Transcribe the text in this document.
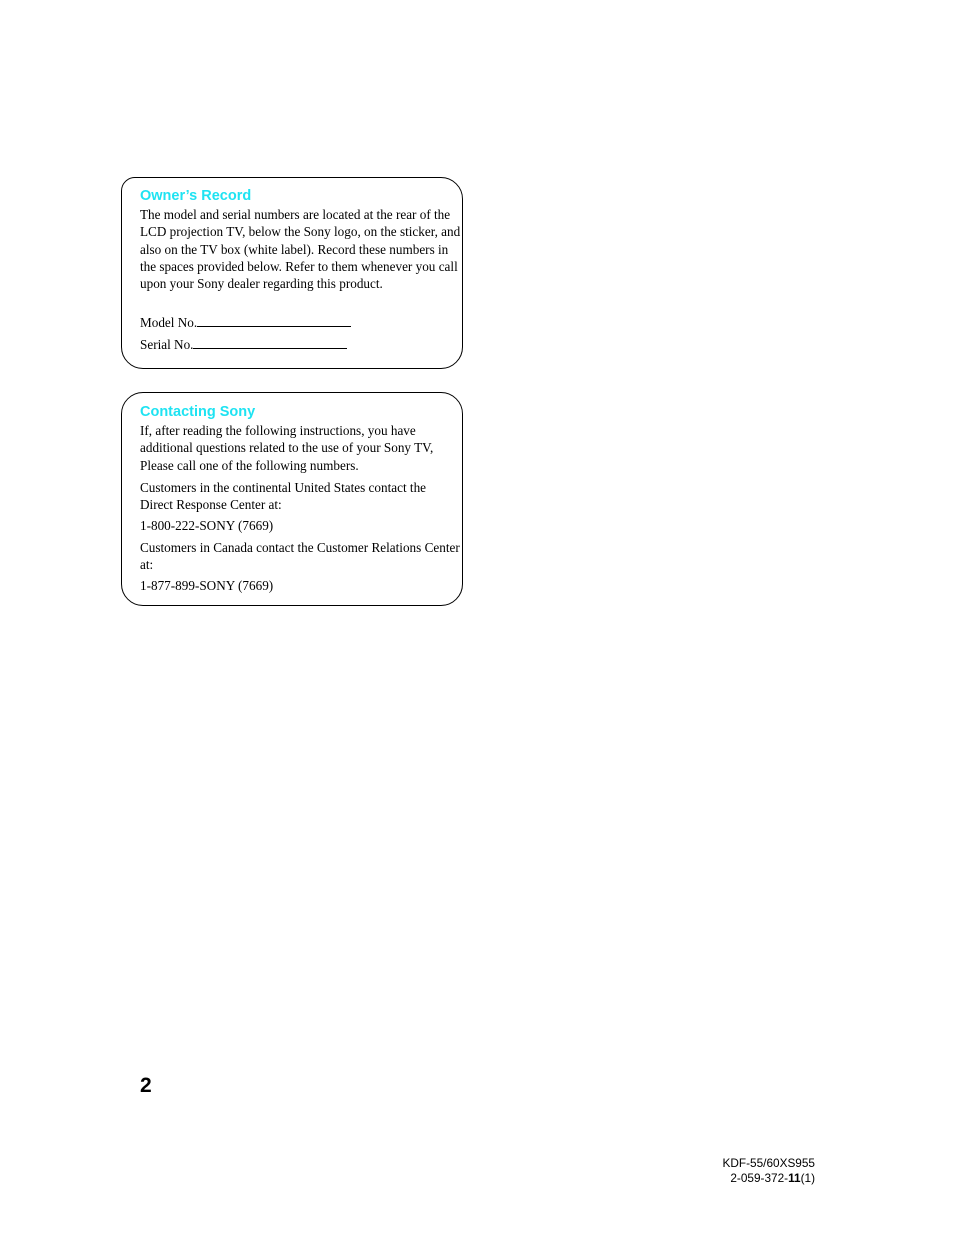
Owner’s Record

The model and serial numbers are located at the rear of the LCD projection TV, below the Sony logo, on the sticker, and also on the TV box (white label). Record these numbers in the spaces provided below. Refer to them whenever you call upon your Sony dealer regarding this product.

Model No.
Serial No.
Contacting Sony

If, after reading the following instructions, you have additional questions related to the use of your Sony TV, Please call one of the following numbers.

Customers in the continental United States contact the Direct Response Center at:

1-800-222-SONY (7669)

Customers in Canada contact the Customer Relations Center at:

1-877-899-SONY (7669)

2
KDF-55/60XS955
2-059-372-11(1)
